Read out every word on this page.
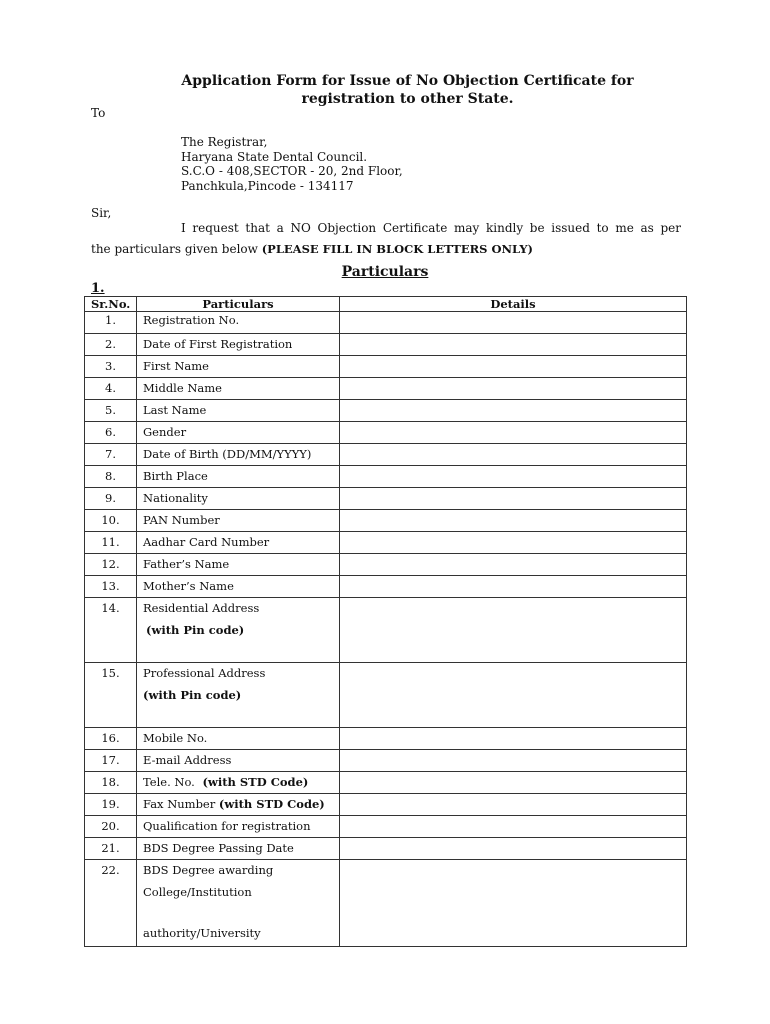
Application Form for Issue of No Objection Certificate for
registration to other State.
To
The Registrar,
Haryana State Dental Council.
S.C.O - 408,SECTOR - 20, 2nd Floor,
Panchkula,Pincode - 134117
Sir,
I request that a NO Objection Certificate may kindly be issued to me as per
the particulars given below (PLEASE FILL IN BLOCK LETTERS ONLY)
Particulars
1.
Sr.No.	Particulars	Details
1.	Registration No.	
2.	Date of First Registration	
3.	First Name	
4.	Middle Name	
5.	Last Name	
6.	Gender	
7.	Date of Birth (DD/MM/YYYY)	
8.	Birth Place	
9.	Nationality	
10.	PAN Number	
11.	Aadhar Card Number	
12.	Father’s Name	
13.	Mother’s Name	
14.	Residential Address
(with Pin code)	

15.	Professional Address
(with Pin code)	

16.	Mobile No.	
17.	E-mail Address	
18.	Tele. No.  (with STD Code)	
19.	Fax Number (with STD Code)	
20.	Qualification for registration	
21.	BDS Degree Passing Date	
22.	BDS Degree awarding
College/Institution
authority/University	
